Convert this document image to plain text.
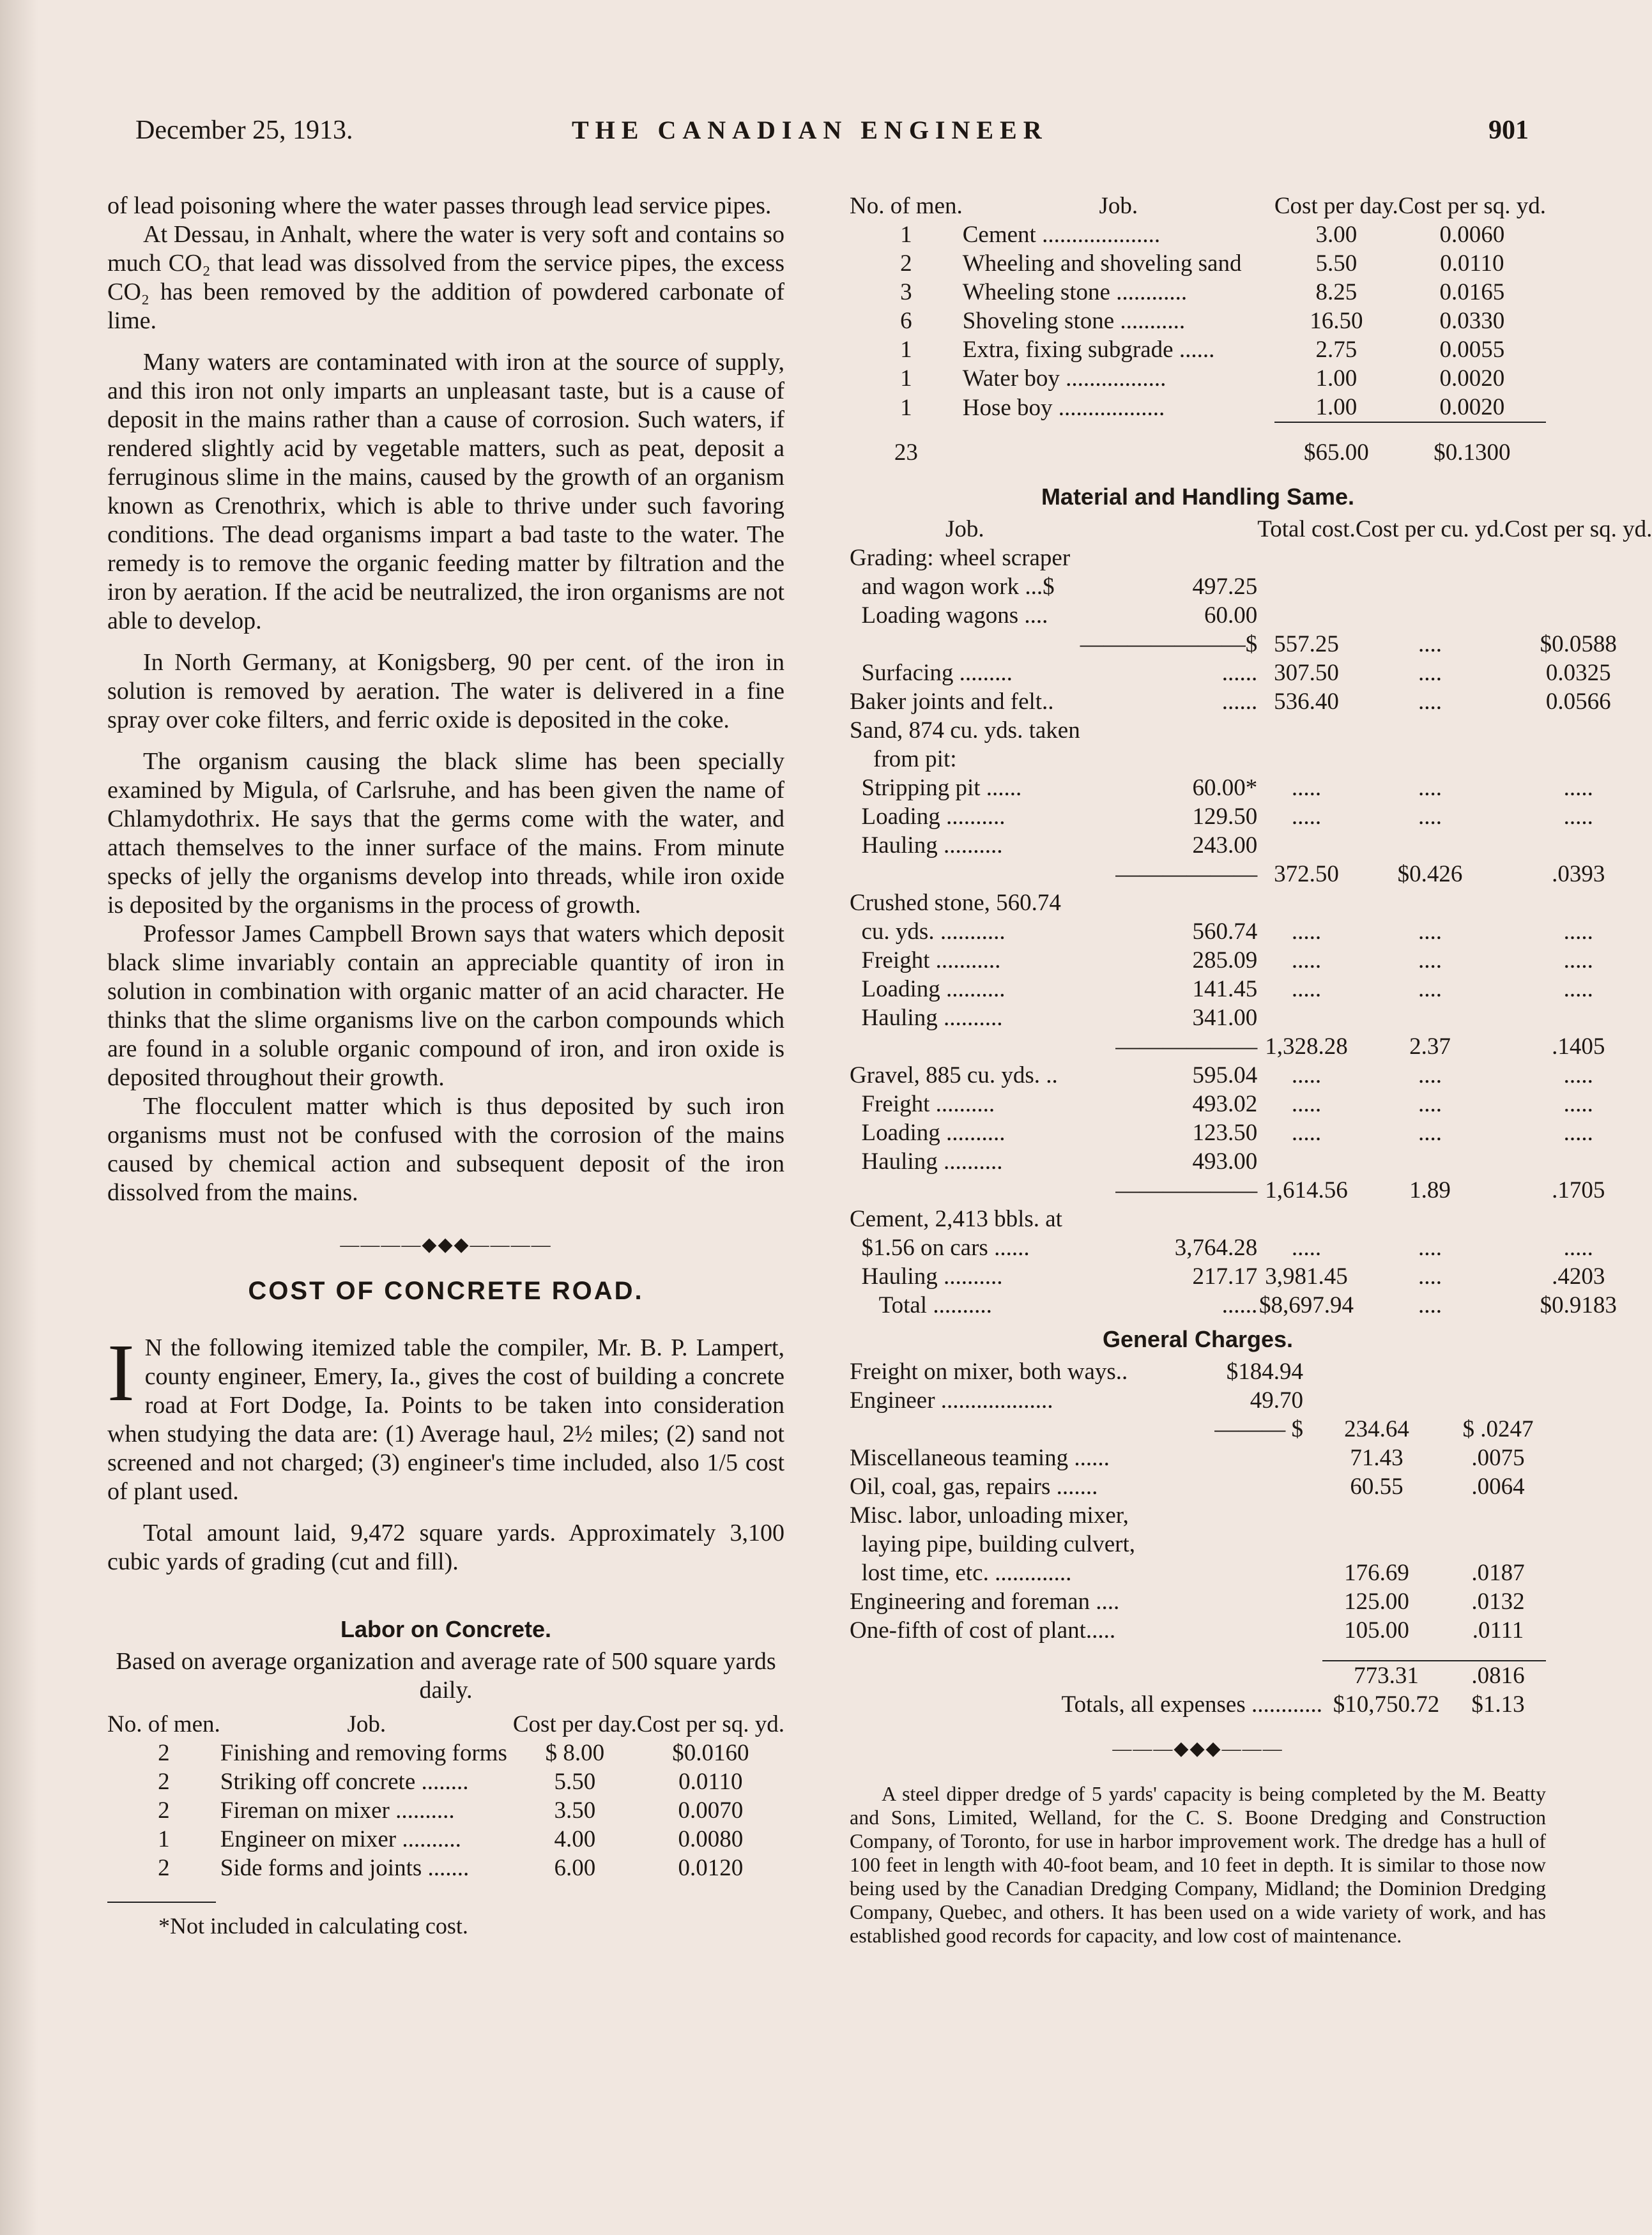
December 25, 1913.	THE CANADIAN ENGINEER	901

of lead poisoning where the water passes through lead service pipes.

At Dessau, in Anhalt, where the water is very soft and contains so much CO₂ that lead was dissolved from the service pipes, the excess CO₂ has been removed by the addition of powdered carbonate of lime.

Many waters are contaminated with iron at the source of supply, and this iron not only imparts an unpleasant taste, but is a cause of deposit in the mains rather than a cause of corrosion. Such waters, if rendered slightly acid by vegetable matters, such as peat, deposit a ferruginous slime in the mains, caused by the growth of an organism known as Crenothrix, which is able to thrive under such favoring conditions. The dead organisms impart a bad taste to the water. The remedy is to remove the organic feeding matter by filtration and the iron by aeration. If the acid be neutralized, the iron organisms are not able to develop.

In North Germany, at Konigsberg, 90 per cent. of the iron in solution is removed by aeration. The water is delivered in a fine spray over coke filters, and ferric oxide is deposited in the coke.

The organism causing the black slime has been specially examined by Migula, of Carlsruhe, and has been given the name of Chlamydothrix. He says that the germs come with the water, and attach themselves to the inner surface of the mains. From minute specks of jelly the organisms develop into threads, while iron oxide is deposited by the organisms in the process of growth.

Professor James Campbell Brown says that waters which deposit black slime invariably contain an appreciable quantity of iron in solution in combination with organic matter of an acid character. He thinks that the slime organisms live on the carbon compounds which are found in a soluble organic compound of iron, and iron oxide is deposited throughout their growth.

The flocculent matter which is thus deposited by such iron organisms must not be confused with the corrosion of the mains caused by chemical action and subsequent deposit of the iron dissolved from the mains.

————◆◆◆————
COST OF CONCRETE ROAD.

I N the following itemized table the compiler, Mr. B. P. Lampert, county engineer, Emery, Ia., gives the cost of building a concrete road at Fort Dodge, Ia. Points to be taken into consideration when studying the data are: (1) Average haul, 2½ miles; (2) sand not screened and not charged; (3) engineer's time included, also 1/5 cost of plant used.

Total amount laid, 9,472 square yards. Approximately 3,100 cubic yards of grading (cut and fill).

Labor on Concrete.

Based on average organization and average rate of 500 square yards daily.

No. of men.	Job.	Cost per day.	Cost per sq. yd.
2	Finishing and removing forms	$ 8.00	$0.0160
2	Striking off concrete ........	5.50	0.0110
2	Fireman on mixer ..........	3.50	0.0070
1	Engineer on mixer ..........	4.00	0.0080
2	Side forms and joints .......	6.00	0.0120
*Not included in calculating cost.
No. of men.	Job.	Cost per day.	Cost per sq. yd.
1	Cement ....................	3.00	0.0060
2	Wheeling and shoveling sand	5.50	0.0110
3	Wheeling stone ............	8.25	0.0165
6	Shoveling stone ...........	16.50	0.0330
1	Extra, fixing subgrade ......	2.75	0.0055
1	Water boy .................	1.00	0.0020
1	Hose boy ..................	1.00	0.0020
23		$65.00	$0.1300
Material and Handling Same.
Job.		Total cost.	Cost per cu. yd.	Cost per sq. yd.
Grading: wheel scraper				
and wagon work ...$	497.25			
Loading wagons ....	60.00			
	———————$	557.25	....	$0.0588
Surfacing .........	......	307.50	....	0.0325
Baker joints and felt..	......	536.40	....	0.0566
Sand, 874 cu. yds. taken				
from pit:				
Stripping pit ......	60.00*	.....	....	.....
Loading ..........	129.50	.....	....	.....
Hauling ..........	243.00			
	——————	372.50	$0.426	.0393
Crushed stone, 560.74				
cu. yds. ...........	560.74	.....	....	.....
Freight ...........	285.09	.....	....	.....
Loading ..........	141.45	.....	....	.....
Hauling ..........	341.00			
	——————	1,328.28	2.37	.1405
Gravel, 885 cu. yds. ..	595.04	.....	....	.....
Freight ..........	493.02	.....	....	.....
Loading ..........	123.50	.....	....	.....
Hauling ..........	493.00			
	——————	1,614.56	1.89	.1705
Cement, 2,413 bbls. at				
$1.56 on cars ......	3,764.28	.....	....	.....
Hauling ..........	217.17	3,981.45	....	.4203
Total ..........	......	$8,697.94	....	$0.9183
General Charges.

Freight on mixer, both ways..	$184.94		
Engineer ...................	49.70		
	——— $	234.64	$ .0247
Miscellaneous teaming ......		71.43	.0075
Oil, coal, gas, repairs .......		60.55	.0064
Misc. labor, unloading mixer,			
laying pipe, building culvert,			
lost time, etc. .............		176.69	.0187
Engineering and foreman ....		125.00	.0132
One-fifth of cost of plant.....		105.00	.0111
	773.31	.0816
Totals, all expenses ............	$10,750.72	$1.13
———◆◆◆———

A steel dipper dredge of 5 yards' capacity is being completed by the M. Beatty and Sons, Limited, Welland, for the C. S. Boone Dredging and Construction Company, of Toronto, for use in harbor improvement work. The dredge has a hull of 100 feet in length with 40-foot beam, and 10 feet in depth. It is similar to those now being used by the Canadian Dredging Company, Midland; the Dominion Dredging Company, Quebec, and others. It has been used on a wide variety of work, and has established good records for capacity, and low cost of maintenance.
